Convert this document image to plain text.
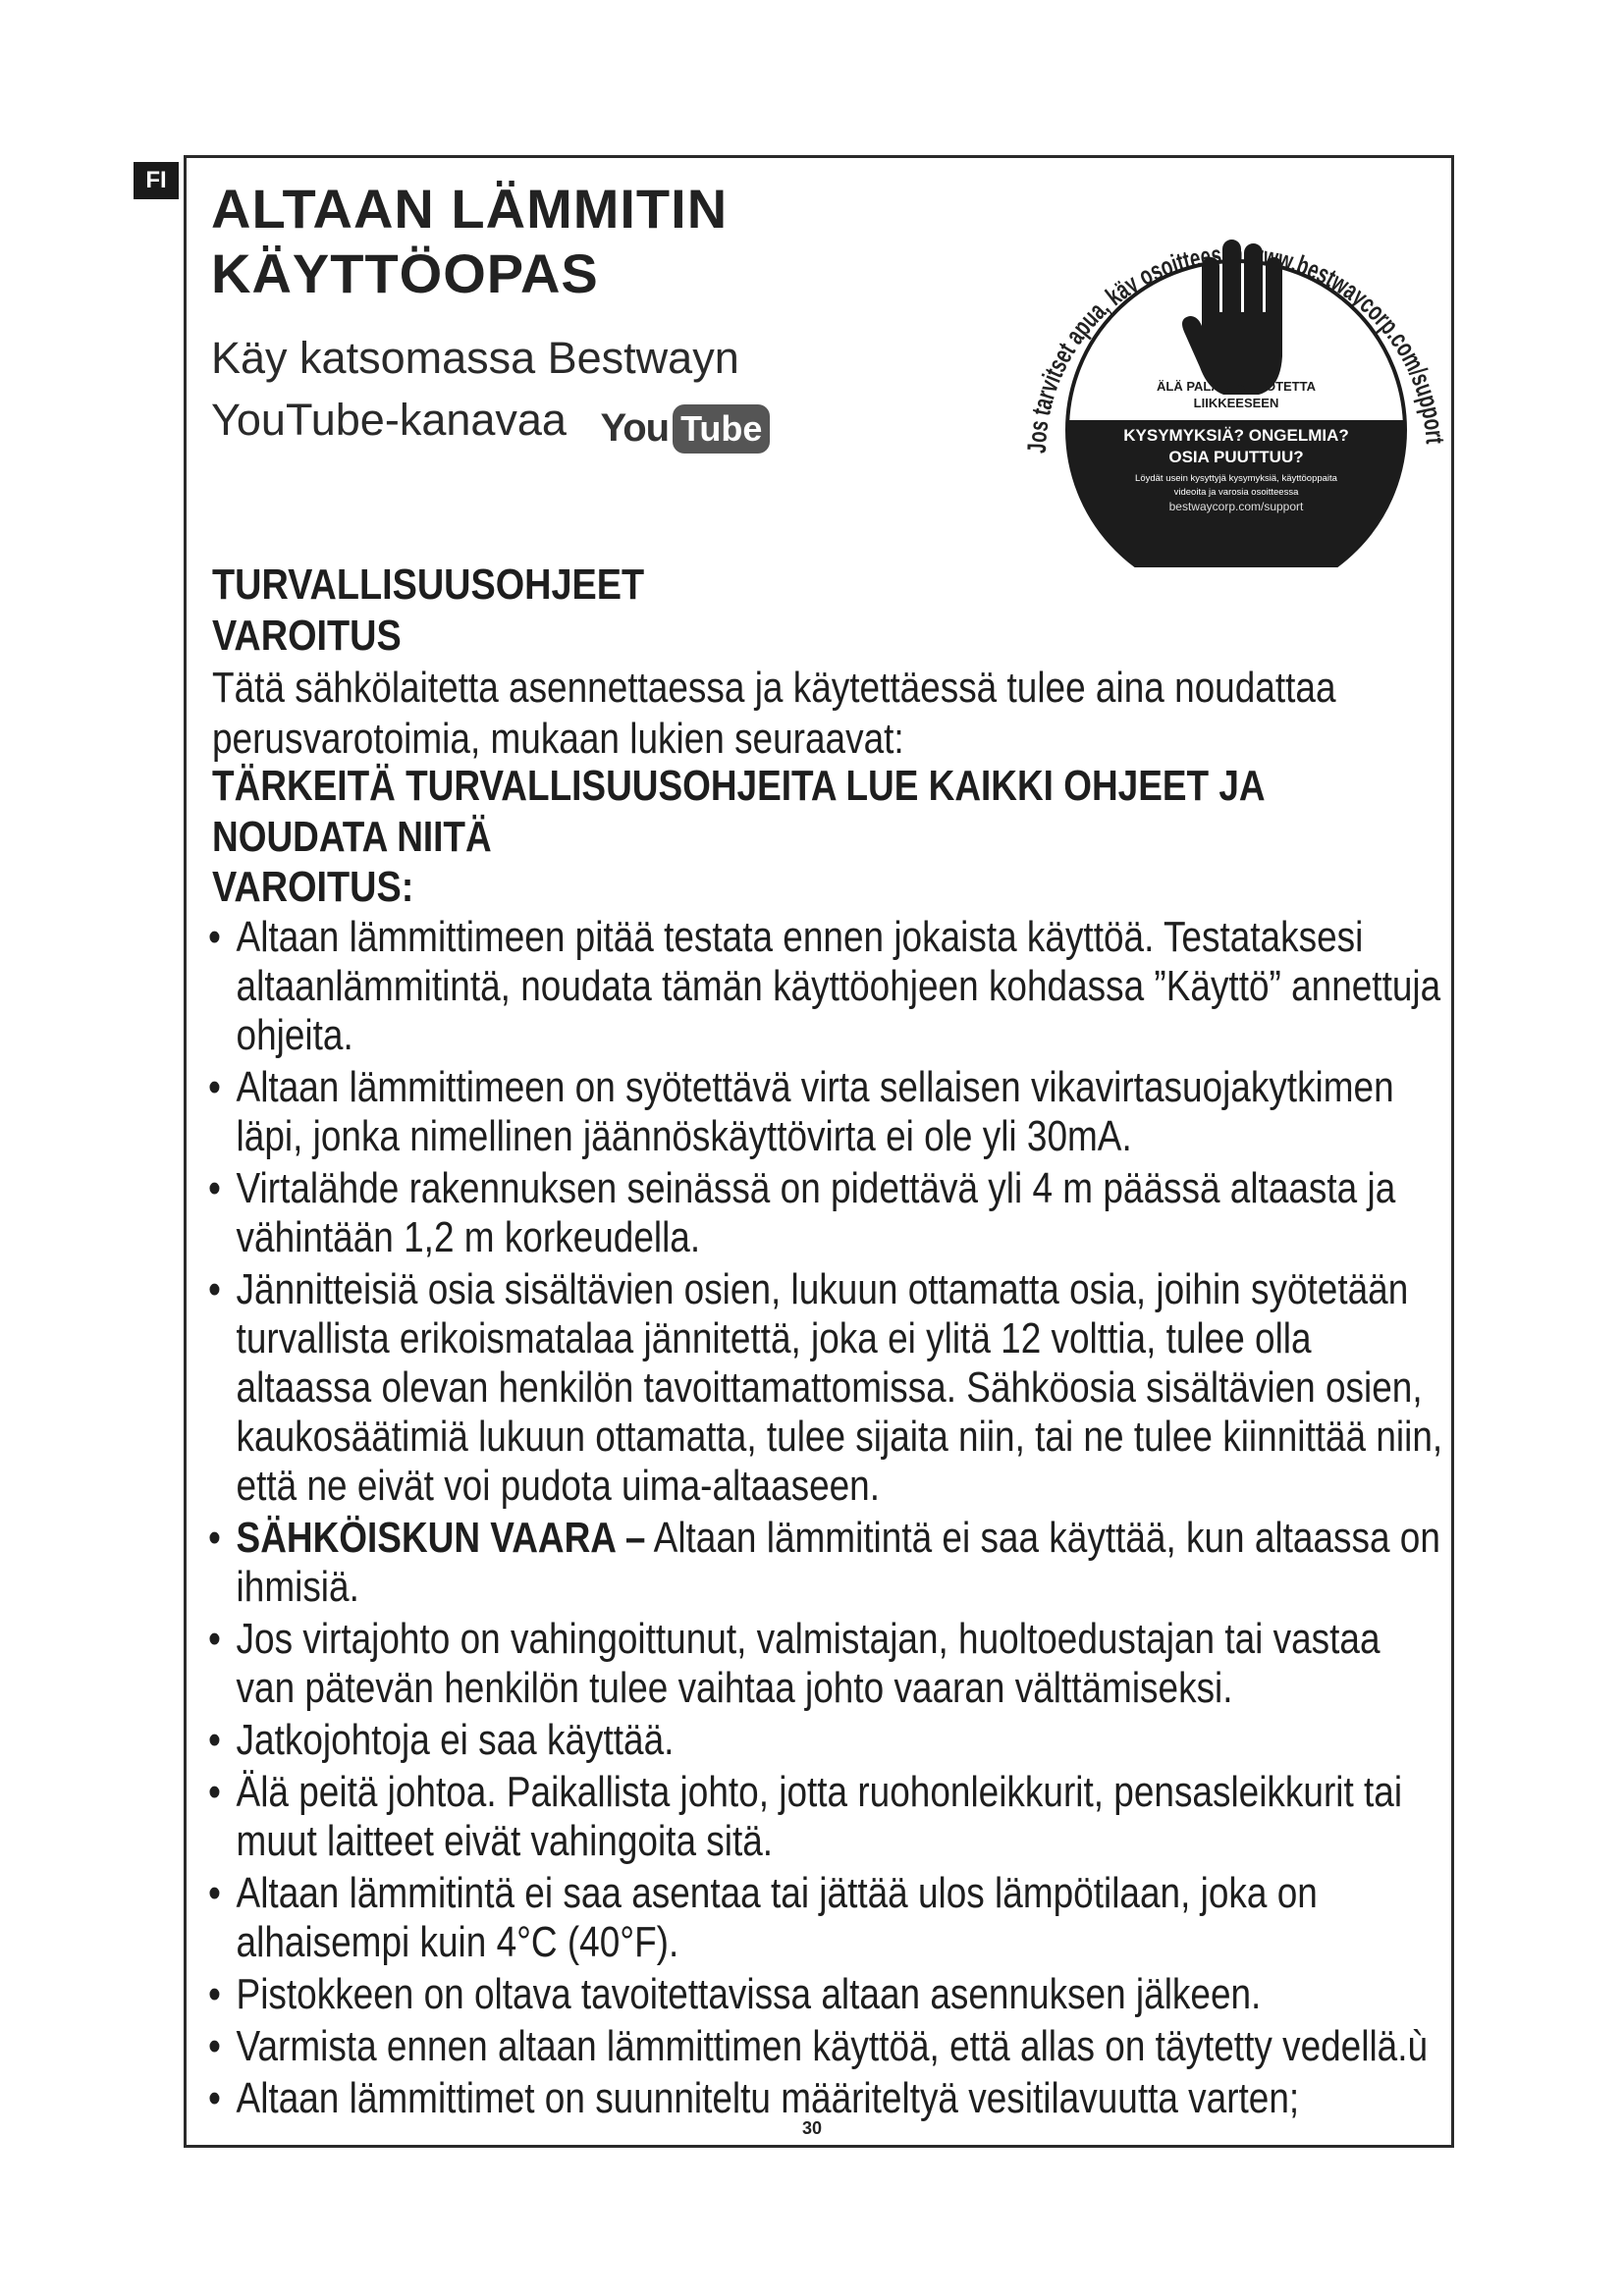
FI ALTAAN LÄMMITIN
KÄYTTÖOPAS
Käy katsomassa Bestwayn
YouTube-kanavaa You Tube	Jos tarvitset apua, käy osoittees w.bestwaycorp.com/support
ÄLÄ PALAUTA TUOTETTA
LIIKKEESEEN
KYSYMYKSIÄ? ONGELMIA?
OSIA PUUTTUU?
Löydät usein kysyttyjä kysymyksiä, käyttöoppaita
videoita ja varosia osoitteessa
bestwaycorp.com/support
TURVALLISUUSOHJEET
VAROITUS

Tätä sähkölaitetta asennettaessa ja käytettäessä tulee aina noudattaa perusvarotoimia, mukaan lukien seuraavat:

TÄRKEITÄ TURVALLISUUSOHJEITA LUE KAIKKI OHJEET JA NOUDATA NIITÄ

VAROITUS:
• Altaan lämmittimeen pitää testata ennen jokaista käyttöä. Testataksesi altaanlämmitintä, noudata tämän käyttöohjeen kohdassa ”Käyttö” annettuja ohjeita.
• Altaan lämmittimeen on syötettävä virta sellaisen vikavirtasuojakytkimen läpi, jonka nimellinen jäännöskäyttövirta ei ole yli 30mA.
• Virtalähde rakennuksen seinässä on pidettävä yli 4 m päässä altaasta ja vähintään 1,2 m korkeudella.
• Jännitteisiä osia sisältävien osien, lukuun ottamatta osia, joihin syötetään turvallista erikoismatalaa jännitettä, joka ei ylitä 12 volttia, tulee olla altaassa olevan henkilön tavoittamattomissa. Sähköosia sisältävien osien, kaukosäätimiä lukuun ottamatta, tulee sijaita niin, tai ne tulee kiinnittää niin, että ne eivät voi pudota uima-altaaseen.
• SÄHKÖISKUN VAARA – Altaan lämmitintä ei saa käyttää, kun altaassa on ihmisiä.
• Jos virtajohto on vahingoittunut, valmistajan, huoltoedustajan tai vastaa van pätevän henkilön tulee vaihtaa johto vaaran välttämiseksi.
• Jatkojohtoja ei saa käyttää.
• Älä peitä johtoa. Paikallista johto, jotta ruohonleikkurit, pensasleikkurit tai muut laitteet eivät vahingoita sitä.
• Altaan lämmitintä ei saa asentaa tai jättää ulos lämpötilaan, joka on alhaisempi kuin 4°C (40°F).
• Pistokkeen on oltava tavoitettavissa altaan asennuksen jälkeen.
• Varmista ennen altaan lämmittimen käyttöä, että allas on täytetty vedellä.ù
• Altaan lämmittimet on suunniteltu määriteltyä vesitilavuutta varten;
30
